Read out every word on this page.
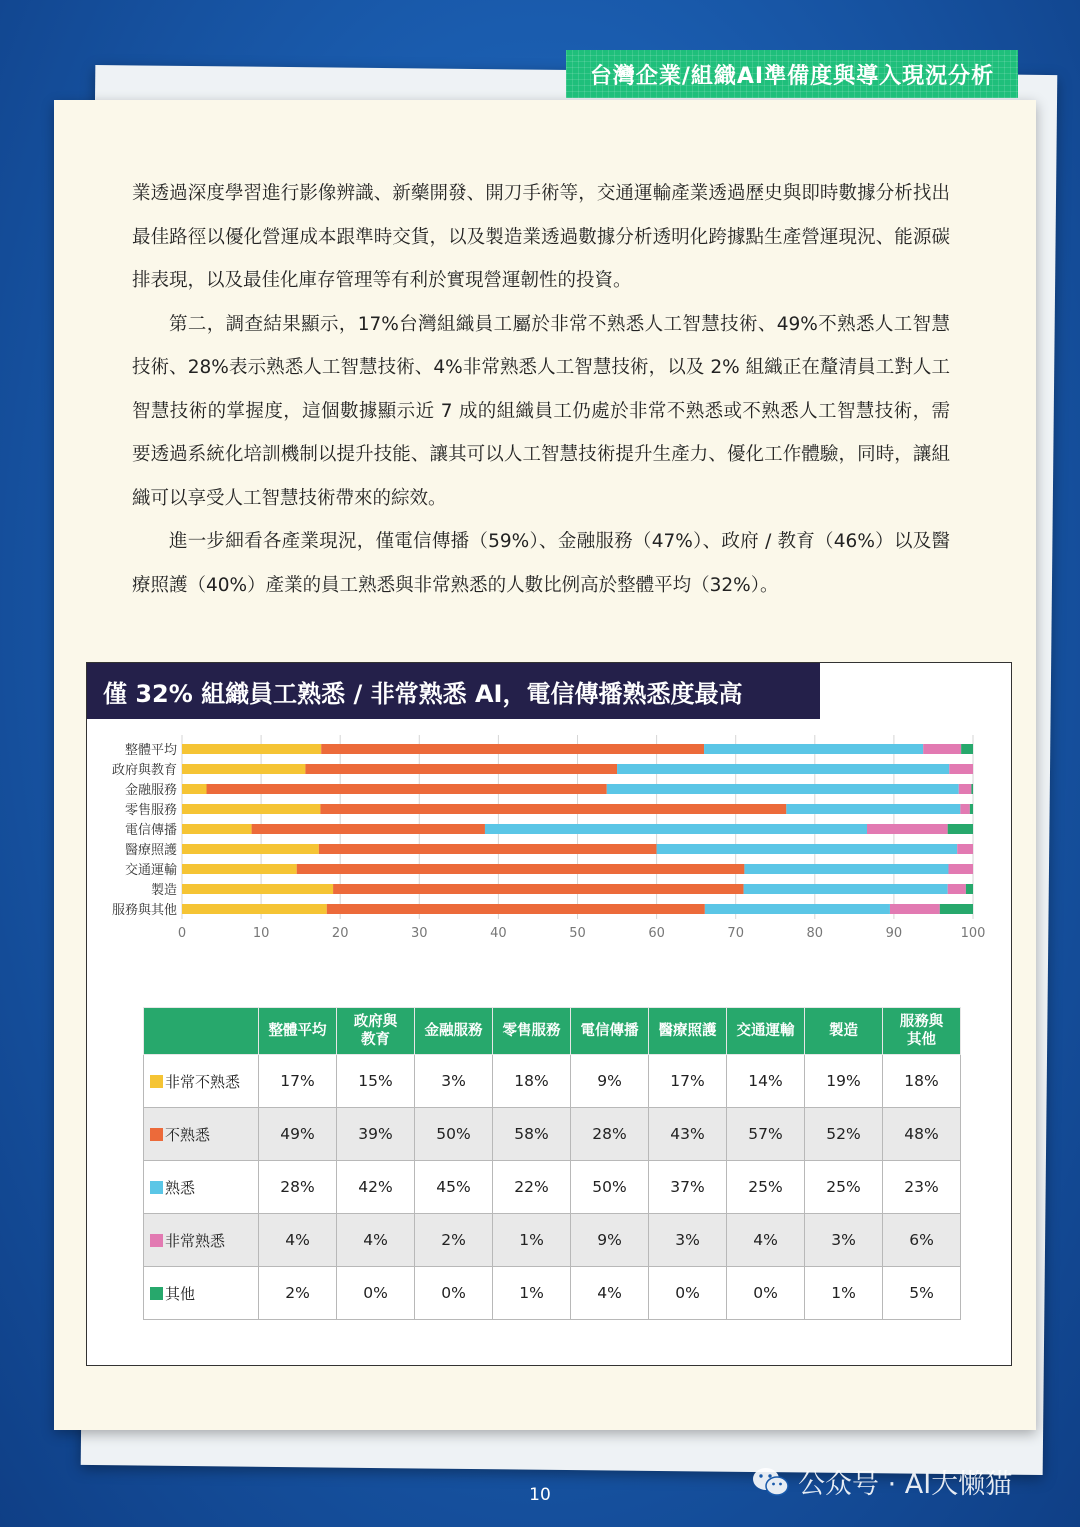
台灣企業/組織AI準備度與導入現況分析

業透過深度學習進行影像辨識、新藥開發、開刀手術等，交通運輸產業透過歷史與即時數據分析找出最佳路徑以優化營運成本跟準時交貨，以及製造業透過數據分析透明化跨據點生產營運現況、能源碳排表現，以及最佳化庫存管理等有利於實現營運韌性的投資。

第二，調查結果顯示，17%台灣組織員工屬於非常不熟悉人工智慧技術、49%不熟悉人工智慧技術、28%表示熟悉人工智慧技術、4%非常熟悉人工智慧技術，以及 2% 組織正在釐清員工對人工智慧技術的掌握度，這個數據顯示近 7 成的組織員工仍處於非常不熟悉或不熟悉人工智慧技術，需要透過系統化培訓機制以提升技能、讓其可以人工智慧技術提升生產力、優化工作體驗，同時，讓組織可以享受人工智慧技術帶來的綜效。

進一步細看各產業現況，僅電信傳播（59%）、金融服務（47%）、政府 / 教育（46%）以及醫療照護（40%）產業的員工熟悉與非常熟悉的人數比例高於整體平均（32%）。

僅 32% 組織員工熟悉 / 非常熟悉 AI，電信傳播熟悉度最高
0	10	20	30	40	50	60	70	80	90	100
整體平均
政府與教育
金融服務
零售服務
電信傳播
醫療照護
交通運輸
製造
服務與其他
	整體平均	政府與
教育	金融服務	零售服務	電信傳播	醫療照護	交通運輸	製造	服務與
其他
非常不熟悉	17%	15%	3%	18%	9%	17%	14%	19%	18%
不熟悉	49%	39%	50%	58%	28%	43%	57%	52%	48%
熟悉	28%	42%	45%	22%	50%	37%	25%	25%	23%
非常熟悉	4%	4%	2%	1%	9%	3%	4%	3%	6%
其他	2%	0%	0%	1%	4%	0%	0%	1%	5%
10	公众号 · AI大懒猫
